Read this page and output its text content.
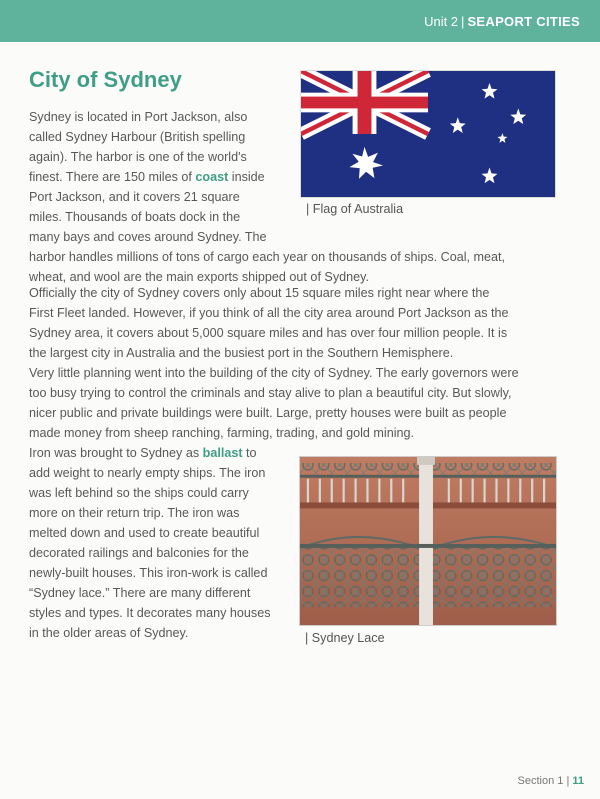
Unit 2 | SEAPORT CITIES
City of Sydney
Sydney is located in Port Jackson, also
called Sydney Harbour (British spelling
again). The harbor is one of the world's
finest. There are 150 miles of coast inside
Port Jackson, and it covers 21 square
miles. Thousands of boats dock in the
many bays and coves around Sydney. The
harbor handles millions of tons of cargo each year on thousands of ships. Coal, meat,
wheat, and wool are the main exports shipped out of Sydney.
| Flag of Australia
Officially the city of Sydney covers only about 15 square miles right near where the
First Fleet landed. However, if you think of all the city area around Port Jackson as the
Sydney area, it covers about 5,000 square miles and has over four million people. It is
the largest city in Australia and the busiest port in the Southern Hemisphere.
Very little planning went into the building of the city of Sydney. The early governors were
too busy trying to control the criminals and stay alive to plan a beautiful city. But slowly,
nicer public and private buildings were built. Large, pretty houses were built as people
made money from sheep ranching, farming, trading, and gold mining.
Iron was brought to Sydney as ballast to
add weight to nearly empty ships. The iron
was left behind so the ships could carry
more on their return trip. The iron was
melted down and used to create beautiful
decorated railings and balconies for the
newly-built houses. This iron-work is called
“Sydney lace.” There are many different
styles and types. It decorates many houses
in the older areas of Sydney.	| Sydney Lace
Section 1 | 11
